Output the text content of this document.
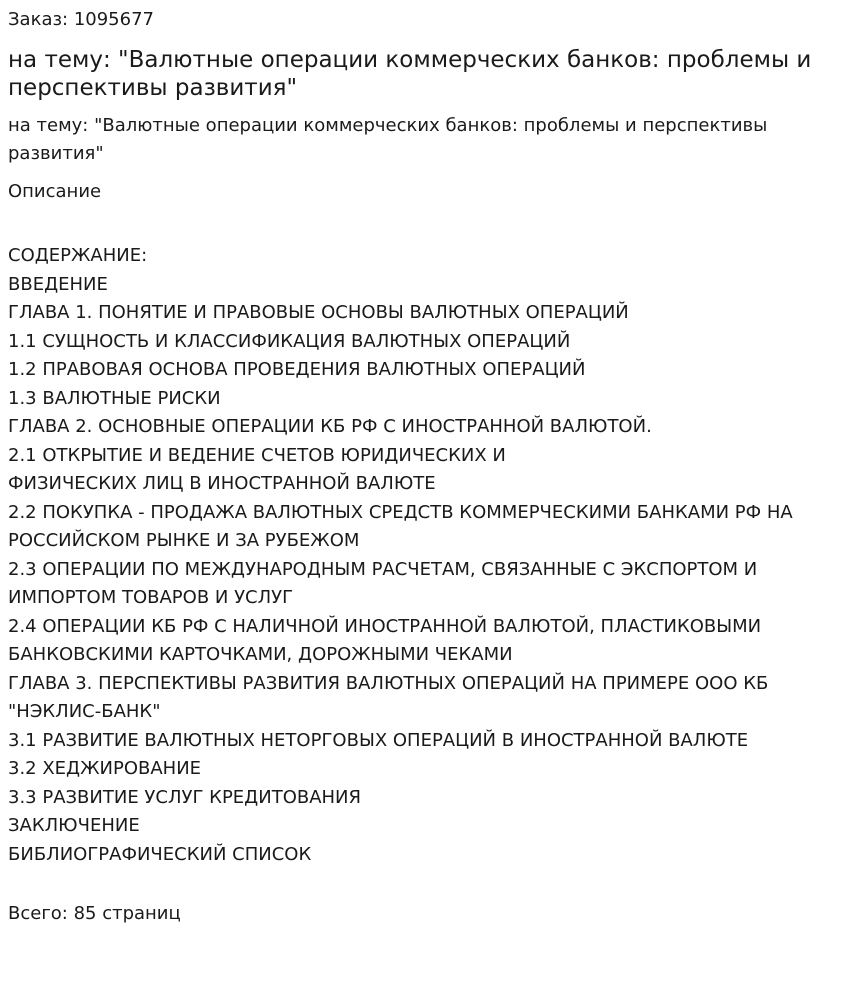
Заказ: 1095677

на тему: "Валютные операции коммерческих банков: проблемы и перспективы развития"

на тему: "Валютные операции коммерческих банков: проблемы и перспективы развития"

Описание

СОДЕРЖАНИЕ:

ВВЕДЕНИЕ

ГЛАВА 1. ПОНЯТИЕ И ПРАВОВЫЕ ОСНОВЫ ВАЛЮТНЫХ ОПЕРАЦИЙ

1.1 СУЩНОСТЬ И КЛАССИФИКАЦИЯ ВАЛЮТНЫХ ОПЕРАЦИЙ

1.2 ПРАВОВАЯ ОСНОВА ПРОВЕДЕНИЯ ВАЛЮТНЫХ ОПЕРАЦИЙ

1.3 ВАЛЮТНЫЕ РИСКИ

ГЛАВА 2. ОСНОВНЫЕ ОПЕРАЦИИ КБ РФ С ИНОСТРАННОЙ ВАЛЮТОЙ.

2.1 ОТКРЫТИЕ И ВЕДЕНИЕ СЧЕТОВ ЮРИДИЧЕСКИХ И

ФИЗИЧЕСКИХ ЛИЦ В ИНОСТРАННОЙ ВАЛЮТЕ

2.2 ПОКУПКА - ПРОДАЖА ВАЛЮТНЫХ СРЕДСТВ КОММЕРЧЕСКИМИ БАНКАМИ РФ НА РОССИЙСКОМ РЫНКЕ И ЗА РУБЕЖОМ

2.3 ОПЕРАЦИИ ПО МЕЖДУНАРОДНЫМ РАСЧЕТАМ, СВЯЗАННЫЕ С ЭКСПОРТОМ И ИМПОРТОМ ТОВАРОВ И УСЛУГ

2.4 ОПЕРАЦИИ КБ РФ С НАЛИЧНОЙ ИНОСТРАННОЙ ВАЛЮТОЙ, ПЛАСТИКОВЫМИ БАНКОВСКИМИ КАРТОЧКАМИ, ДОРОЖНЫМИ ЧЕКАМИ

ГЛАВА 3. ПЕРСПЕКТИВЫ РАЗВИТИЯ ВАЛЮТНЫХ ОПЕРАЦИЙ НА ПРИМЕРЕ ООО КБ "НЭКЛИС-БАНК"

3.1 РАЗВИТИЕ ВАЛЮТНЫХ НЕТОРГОВЫХ ОПЕРАЦИЙ В ИНОСТРАННОЙ ВАЛЮТЕ

3.2 ХЕДЖИРОВАНИЕ

3.3 РАЗВИТИЕ УСЛУГ КРЕДИТОВАНИЯ

ЗАКЛЮЧЕНИЕ

БИБЛИОГРАФИЧЕСКИЙ СПИСОК

Всего: 85 страниц
